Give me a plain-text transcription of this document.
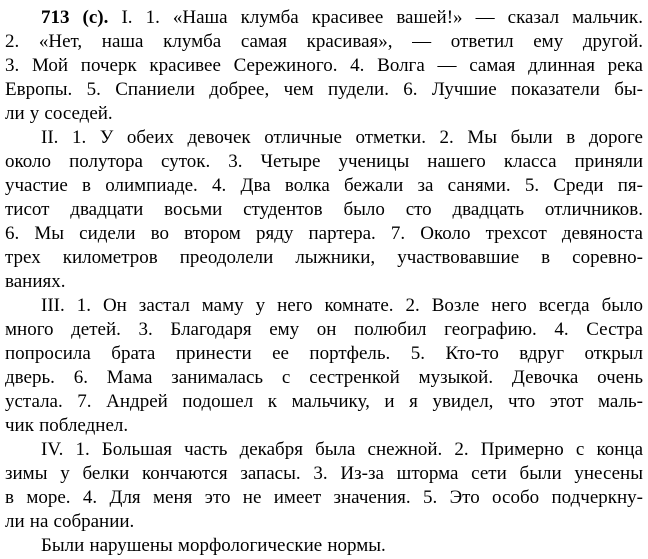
713 (с). I. 1. «Наша клумба красивее вашей!» — сказал мальчик.
2. «Нет, наша клумба самая красивая», — ответил ему другой.
3. Мой почерк красивее Сережиного. 4. Волга — самая длинная река
Европы. 5. Спаниели добрее, чем пудели. 6. Лучшие показатели бы-
ли у соседей.
II. 1. У обеих девочек отличные отметки. 2. Мы были в дороге
около полутора суток. 3. Четыре ученицы нашего класса приняли
участие в олимпиаде. 4. Два волка бежали за санями. 5. Среди пя-
тисот двадцати восьми студентов было сто двадцать отличников.
6. Мы сидели во втором ряду партера. 7. Около трехсот девяноста
трех километров преодолели лыжники, участвовавшие в соревно-
ваниях.
III. 1. Он застал маму у него комнате. 2. Возле него всегда было
много детей. 3. Благодаря ему он полюбил географию. 4. Сестра
попросила брата принести ее портфель. 5. Кто-то вдруг открыл
дверь. 6. Мама занималась с сестренкой музыкой. Девочка очень
устала. 7. Андрей подошел к мальчику, и я увидел, что этот маль-
чик побледнел.
IV. 1. Большая часть декабря была снежной. 2. Примерно с конца
зимы у белки кончаются запасы. 3. Из-за шторма сети были унесены
в море. 4. Для меня это не имеет значения. 5. Это особо подчеркну-
ли на собрании.
Были нарушены морфологические нормы.
